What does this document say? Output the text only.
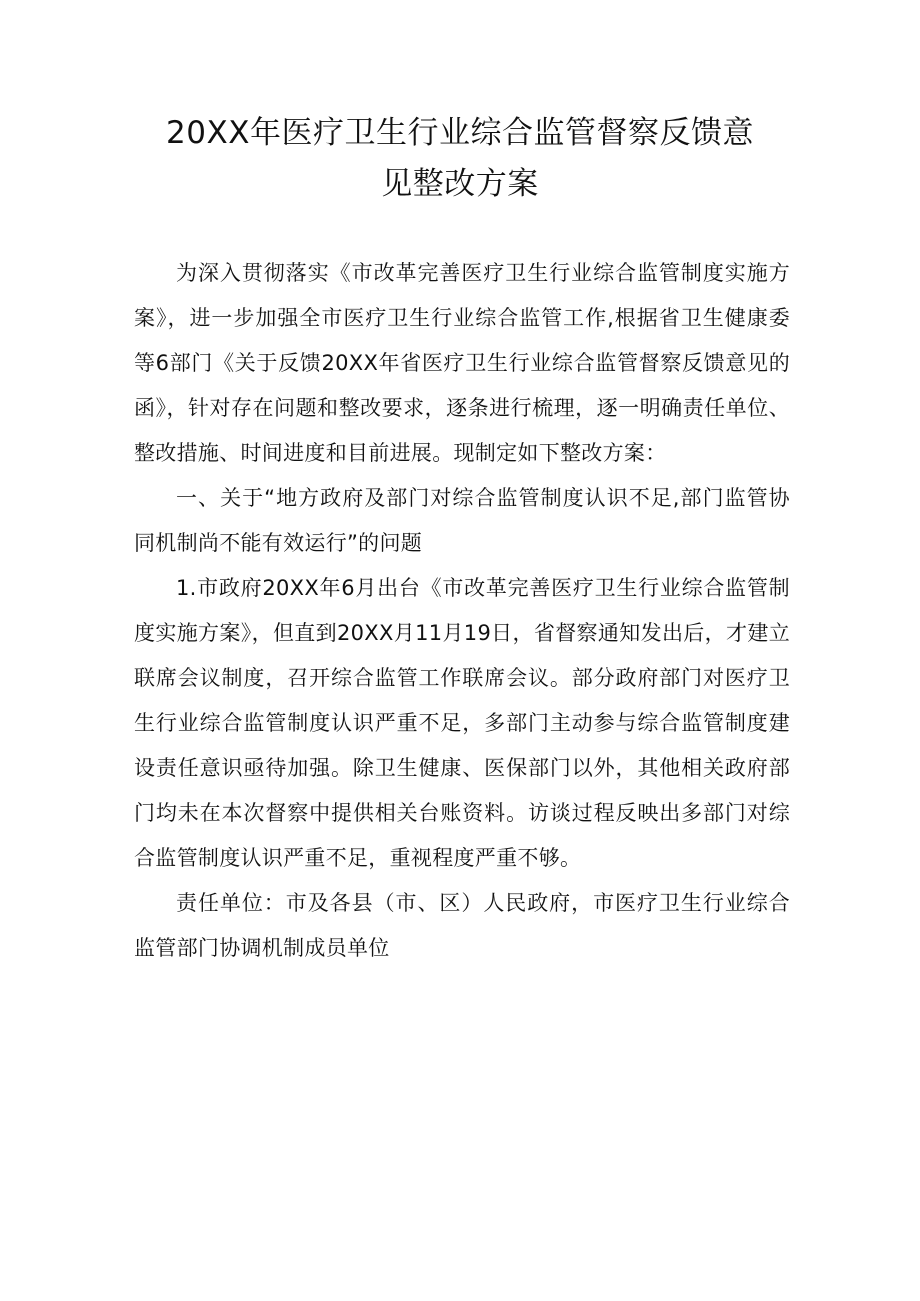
20XX年医疗卫生行业综合监管督察反馈意
见整改方案

为深入贯彻落实《市改革完善医疗卫生行业综合监管制度实施方案》，进一步加强全市医疗卫生行业综合监管工作,根据省卫生健康委等6部门《关于反馈20XX年省医疗卫生行业综合监管督察反馈意见的函》，针对存在问题和整改要求，逐条进行梳理，逐一明确责任单位、整改措施、时间进度和目前进展。现制定如下整改方案：

一、关于“地方政府及部门对综合监管制度认识不足,部门监管协同机制尚不能有效运行”的问题

1.市政府20XX年6月出台《市改革完善医疗卫生行业综合监管制度实施方案》，但直到20XX月11月19日，省督察通知发出后，才建立联席会议制度，召开综合监管工作联席会议。部分政府部门对医疗卫生行业综合监管制度认识严重不足，多部门主动参与综合监管制度建设责任意识亟待加强。除卫生健康、医保部门以外，其他相关政府部门均未在本次督察中提供相关台账资料。访谈过程反映出多部门对综合监管制度认识严重不足，重视程度严重不够。

责任单位：市及各县（市、区）人民政府，市医疗卫生行业综合监管部门协调机制成员单位
